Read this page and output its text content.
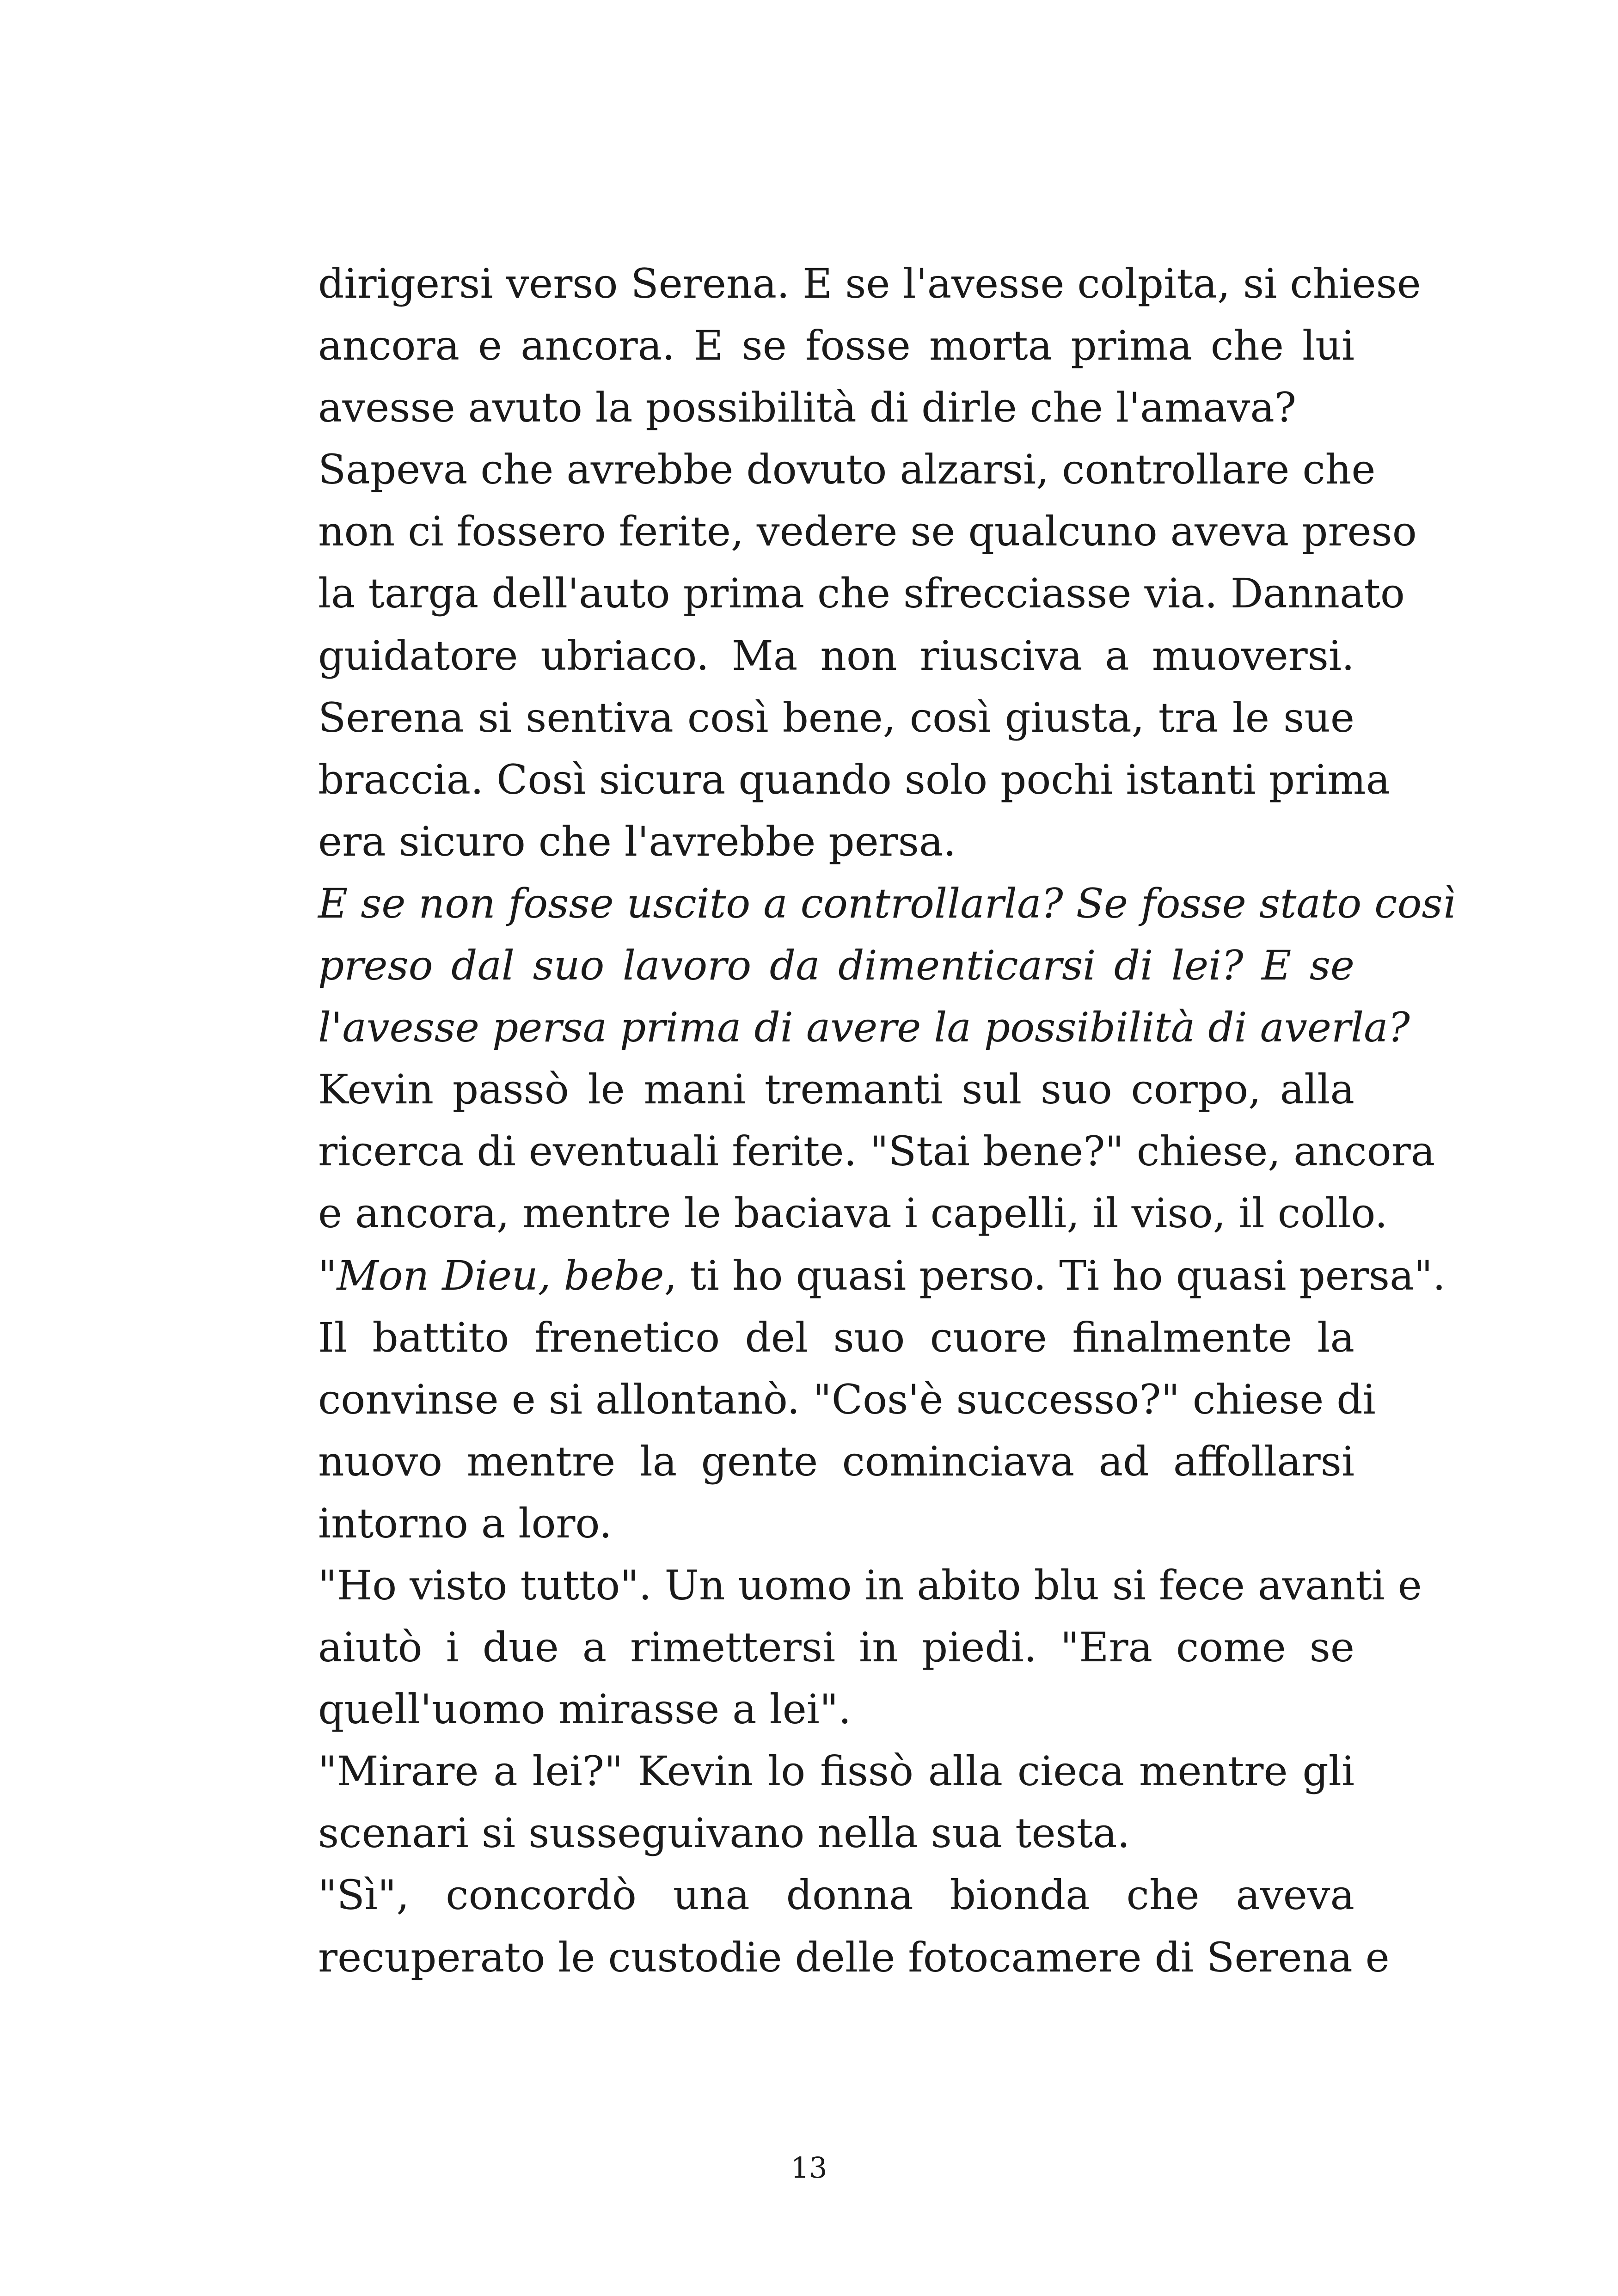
dirigersi verso Serena. E se l'avesse colpita, si chiese
ancora e ancora. E se fosse morta prima che lui
avesse avuto la possibilità di dirle che l'amava?
Sapeva che avrebbe dovuto alzarsi, controllare che
non ci fossero ferite, vedere se qualcuno aveva preso
la targa dell'auto prima che sfrecciasse via. Dannato
guidatore ubriaco. Ma non riusciva a muoversi.
Serena si sentiva così bene, così giusta, tra le sue
braccia. Così sicura quando solo pochi istanti prima
era sicuro che l'avrebbe persa.
E se non fosse uscito a controllarla? Se fosse stato così
preso dal suo lavoro da dimenticarsi di lei? E se
l'avesse persa prima di avere la possibilità di averla?
Kevin passò le mani tremanti sul suo corpo, alla
ricerca di eventuali ferite. "Stai bene?" chiese, ancora
e ancora, mentre le baciava i capelli, il viso, il collo.
"Mon Dieu, bebe, ti ho quasi perso. Ti ho quasi persa".
Il battito frenetico del suo cuore finalmente la
convinse e si allontanò. "Cos'è successo?" chiese di
nuovo mentre la gente cominciava ad affollarsi
intorno a loro.
"Ho visto tutto". Un uomo in abito blu si fece avanti e
aiutò i due a rimettersi in piedi. "Era come se
quell'uomo mirasse a lei".
"Mirare a lei?" Kevin lo fissò alla cieca mentre gli
scenari si susseguivano nella sua testa.
"Sì", concordò una donna bionda che aveva
recuperato le custodie delle fotocamere di Serena e
13
